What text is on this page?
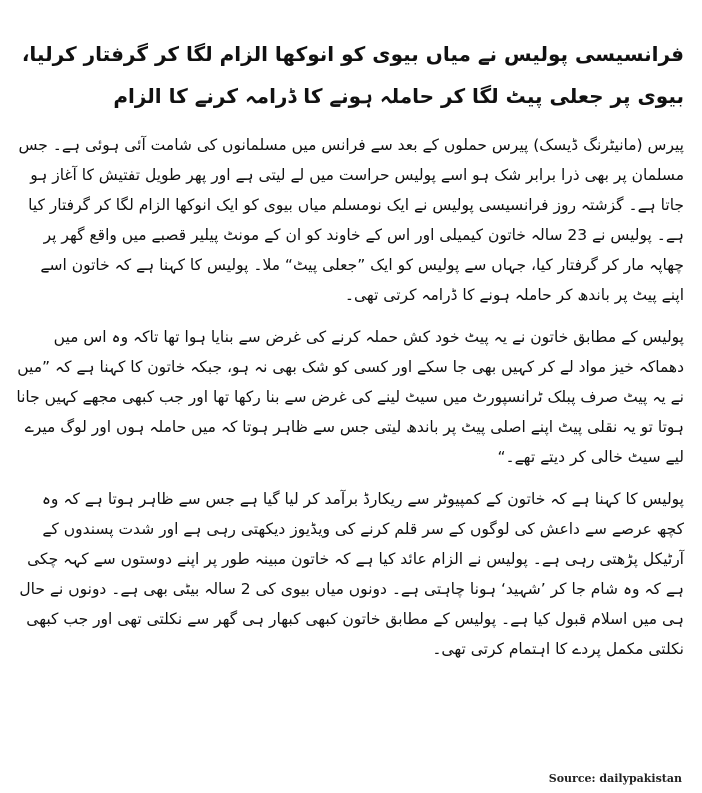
فرانسیسی پولیس نے میاں بیوی کو انوکھا الزام لگا کر گرفتار کرلیا، بیوی پر جعلی پیٹ لگا کر حاملہ ہونے کا ڈرامہ کرنے کا الزام

پیرس (مانیٹرنگ ڈیسک) پیرس حملوں کے بعد سے فرانس میں مسلمانوں کی شامت آئی ہوئی ہے۔ جس مسلمان پر بھی ذرا برابر شک ہو اسے پولیس حراست میں لے لیتی ہے اور پھر طویل تفتیش کا آغاز ہو جاتا ہے۔ گزشتہ روز فرانسیسی پولیس نے ایک نومسلم میاں بیوی کو ایک انوکھا الزام لگا کر گرفتار کیا ہے۔ پولیس نے 23 سالہ خاتون کیمیلی اور اس کے خاوند کو ان کے مونٹ پیلیر قصبے میں واقع گھر پر چھاپہ مار کر گرفتار کیا، جہاں سے پولیس کو ایک ”جعلی پیٹ“ ملا۔ پولیس کا کہنا ہے کہ خاتون اسے اپنے پیٹ پر باندھ کر حاملہ ہونے کا ڈرامہ کرتی تھی۔

پولیس کے مطابق خاتون نے یہ پیٹ خود کش حملہ کرنے کی غرض سے بنایا ہوا تھا تاکہ وہ اس میں دھماکہ خیز مواد لے کر کہیں بھی جا سکے اور کسی کو شک بھی نہ ہو، جبکہ خاتون کا کہنا ہے کہ ”میں نے یہ پیٹ صرف پبلک ٹرانسپورٹ میں سیٹ لینے کی غرض سے بنا رکھا تھا اور جب کبھی مجھے کہیں جانا ہوتا تو یہ نقلی پیٹ اپنے اصلی پیٹ پر باندھ لیتی جس سے ظاہر ہوتا کہ میں حاملہ ہوں اور لوگ میرے لیے سیٹ خالی کر دیتے تھے۔“

پولیس کا کہنا ہے کہ خاتون کے کمپیوٹر سے ریکارڈ برآمد کر لیا گیا ہے جس سے ظاہر ہوتا ہے کہ وہ کچھ عرصے سے داعش کی لوگوں کے سر قلم کرنے کی ویڈیوز دیکھتی رہی ہے اور شدت پسندوں کے آرٹیکل پڑھتی رہی ہے۔ پولیس نے الزام عائد کیا ہے کہ خاتون مبینہ طور پر اپنے دوستوں سے کہہ چکی ہے کہ وہ شام جا کر ’شہید‘ ہونا چاہتی ہے۔ دونوں میاں بیوی کی 2 سالہ بیٹی بھی ہے۔ دونوں نے حال ہی میں اسلام قبول کیا ہے۔ پولیس کے مطابق خاتون کبھی کبھار ہی گھر سے نکلتی تھی اور جب کبھی نکلتی مکمل پردے کا اہتمام کرتی تھی۔

Source: dailypakistan
